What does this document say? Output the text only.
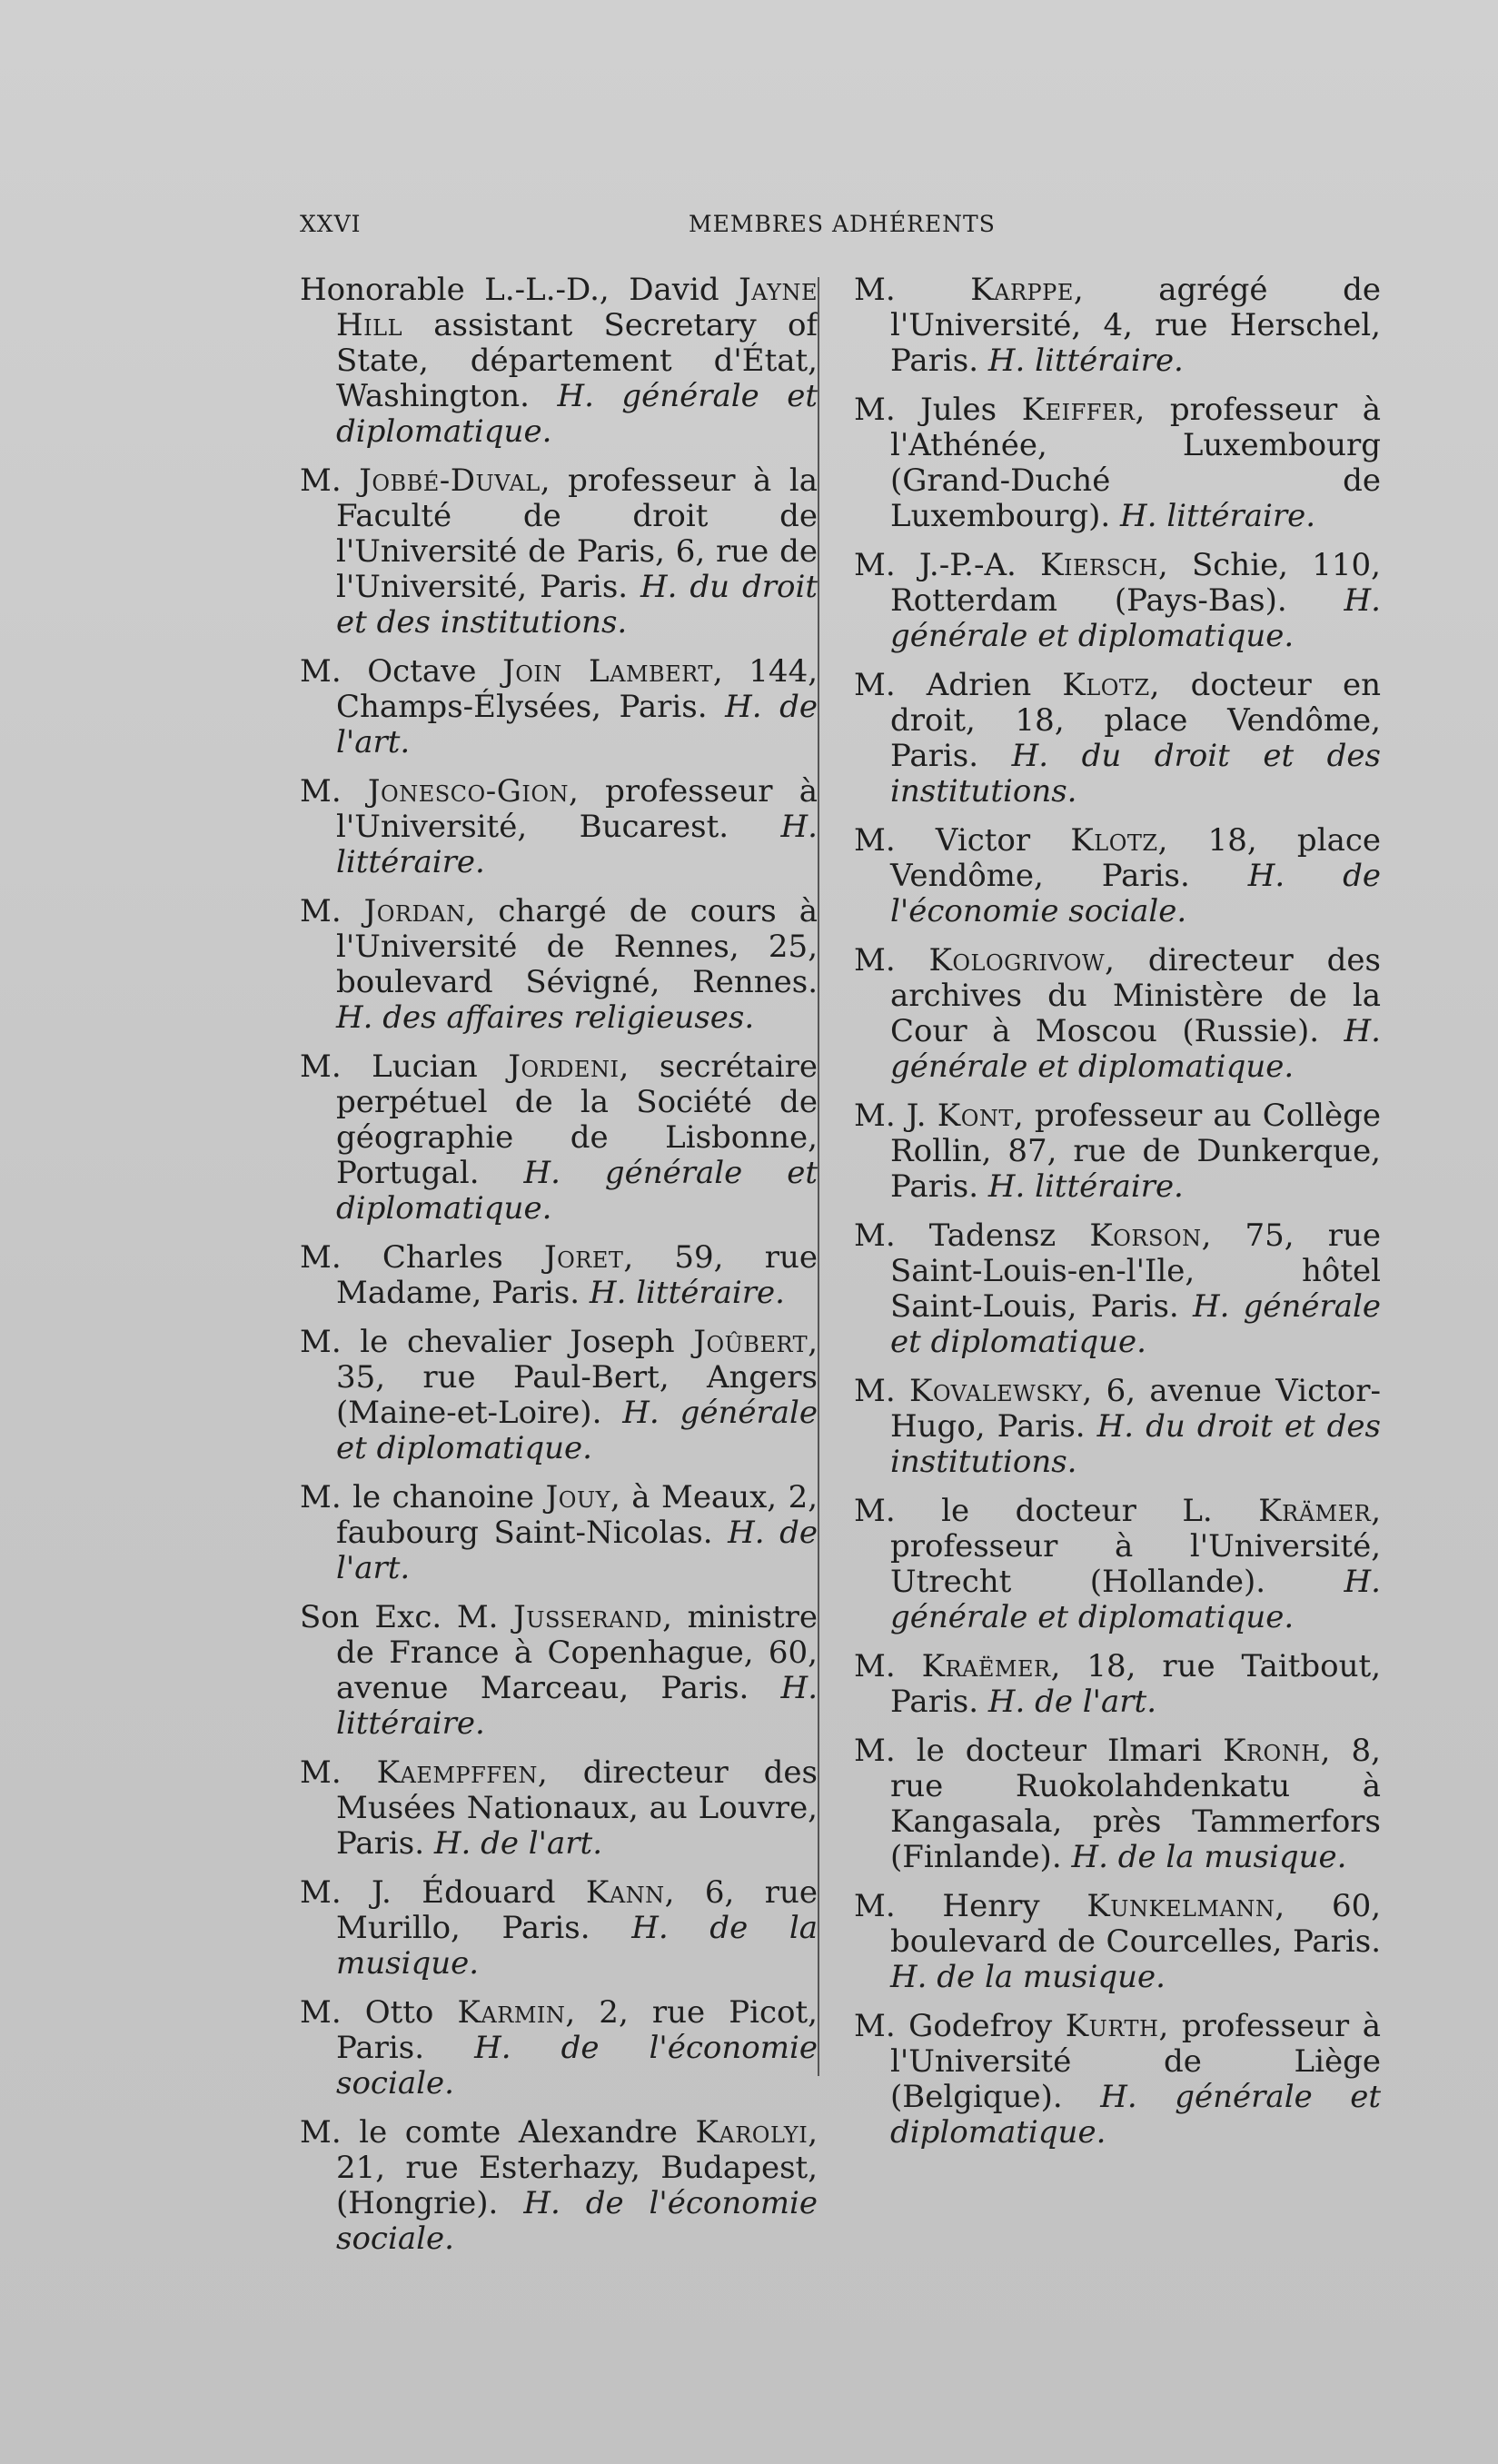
XXVI	MEMBRES ADHÉRENTS

Honorable L.-L.-D., David Jayne Hill assistant Secretary of State, département d'État, Washington. H. générale et diplomatique.

M. Jobbé-Duval, professeur à la Faculté de droit de l'Université de Paris, 6, rue de l'Université, Paris. H. du droit et des institutions.

M. Octave Join Lambert, 144, Champs-Élysées, Paris. H. de l'art.

M. Jonesco-Gion, professeur à l'Université, Bucarest. H. littéraire.

M. Jordan, chargé de cours à l'Université de Rennes, 25, boulevard Sévigné, Rennes. H. des affaires religieuses.

M. Lucian Jordeni, secrétaire perpétuel de la Société de géographie de Lisbonne, Portugal. H. générale et diplomatique.

M. Charles Joret, 59, rue Madame, Paris. H. littéraire.

M. le chevalier Joseph Joûbert, 35, rue Paul-Bert, Angers (Maine-et-Loire). H. générale et diplomatique.

M. le chanoine Jouy, à Meaux, 2, faubourg Saint-Nicolas. H. de l'art.

Son Exc. M. Jusserand, ministre de France à Copenhague, 60, avenue Marceau, Paris. H. littéraire.

M. Kaempffen, directeur des Musées Nationaux, au Louvre, Paris. H. de l'art.

M. J. Édouard Kann, 6, rue Murillo, Paris. H. de la musique.

M. Otto Karmin, 2, rue Picot, Paris. H. de l'économie sociale.

M. le comte Alexandre Karolyi, 21, rue Esterhazy, Budapest, (Hongrie). H. de l'économie sociale.

M. Karppe, agrégé de l'Université, 4, rue Herschel, Paris. H. littéraire.

M. Jules Keiffer, professeur à l'Athénée, Luxembourg (Grand-Duché de Luxembourg). H. littéraire.

M. J.-P.-A. Kiersch, Schie, 110, Rotterdam (Pays-Bas). H. générale et diplomatique.

M. Adrien Klotz, docteur en droit, 18, place Vendôme, Paris. H. du droit et des institutions.

M. Victor Klotz, 18, place Vendôme, Paris. H. de l'économie sociale.

M. Kologrivow, directeur des archives du Ministère de la Cour à Moscou (Russie). H. générale et diplomatique.

M. J. Kont, professeur au Collège Rollin, 87, rue de Dunkerque, Paris. H. littéraire.

M. Tadensz Korson, 75, rue Saint-Louis-en-l'Ile, hôtel Saint-Louis, Paris. H. générale et diplomatique.

M. Kovalewsky, 6, avenue Victor-Hugo, Paris. H. du droit et des institutions.

M. le docteur L. Krämer, professeur à l'Université, Utrecht (Hollande).	H. générale et diplomatique.

M. Kraëmer, 18, rue Taitbout, Paris. H. de l'art.

M. le docteur Ilmari Kronh, 8, rue Ruokolahdenkatu à Kangasala, près Tammerfors (Finlande). H. de la musique.

M. Henry Kunkelmann, 60, boulevard de Courcelles, Paris. H. de la musique.

M. Godefroy Kurth, professeur à l'Université de Liège (Belgique). H. générale et diplomatique.
